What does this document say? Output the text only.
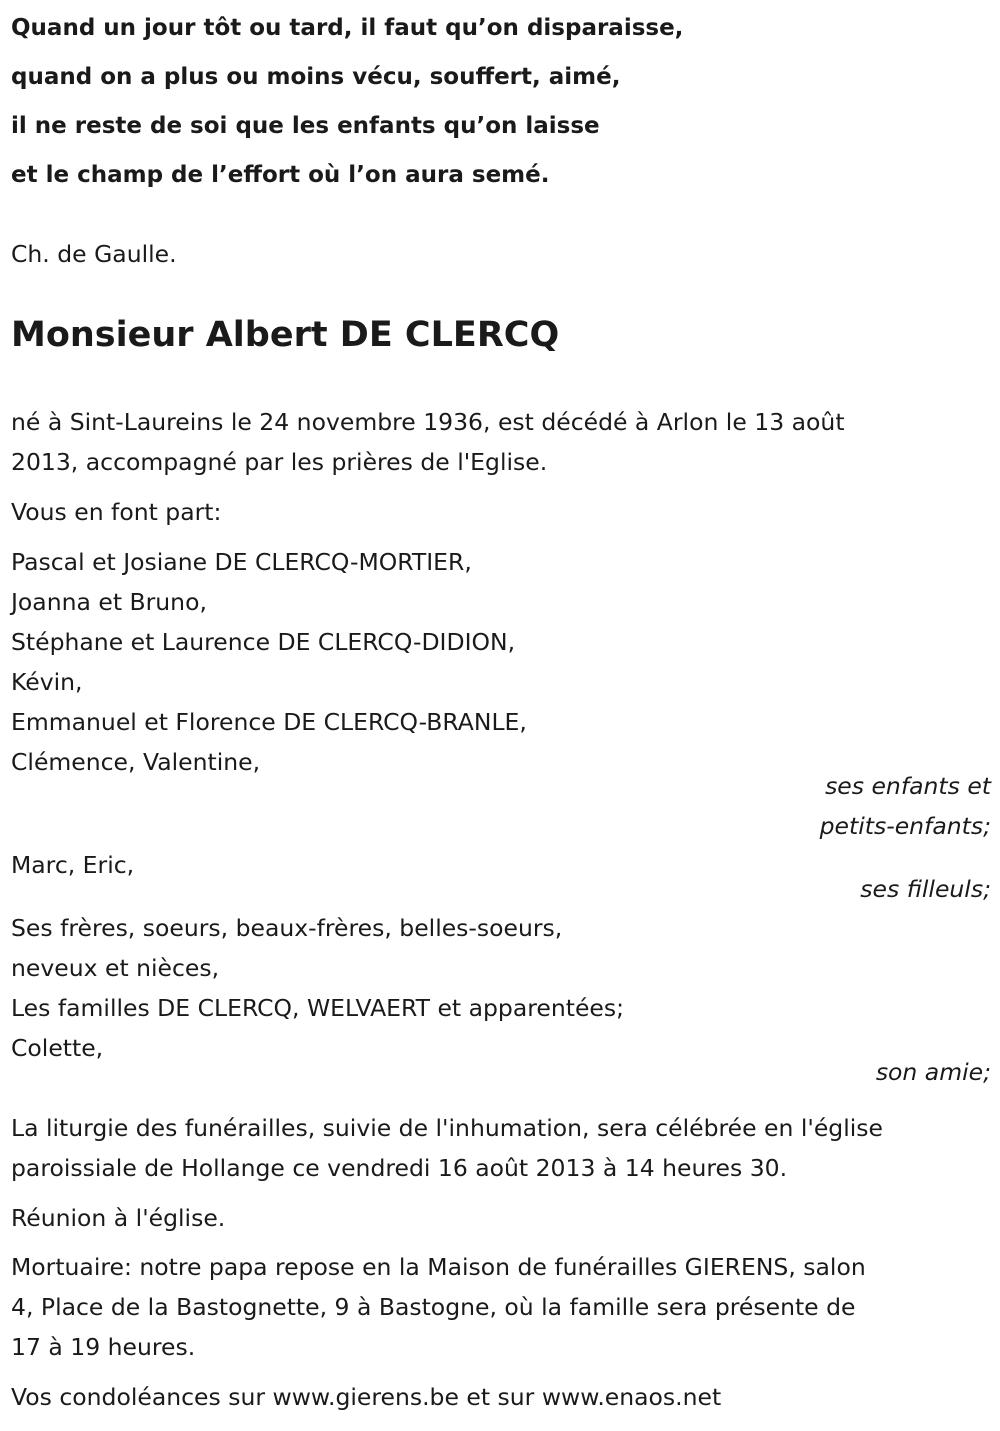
Quand un jour tôt ou tard, il faut qu’on disparaisse,
quand on a plus ou moins vécu, souffert, aimé,
il ne reste de soi que les enfants qu’on laisse
et le champ de l’effort où l’on aura semé.
Ch. de Gaulle.
Monsieur Albert DE CLERCQ
né à Sint-Laureins le 24 novembre 1936, est décédé à Arlon le 13 août
2013, accompagné par les prières de l'Eglise.
Vous en font part:
Pascal et Josiane DE CLERCQ-MORTIER,
Joanna et Bruno,
Stéphane et Laurence DE CLERCQ-DIDION,
Kévin,
Emmanuel et Florence DE CLERCQ-BRANLE,
Clémence, Valentine,
ses enfants et
petits-enfants;
Marc, Eric,
ses filleuls;
Ses frères, soeurs, beaux-frères, belles-soeurs,
neveux et nièces,
Les familles DE CLERCQ, WELVAERT et apparentées;
Colette,
son amie;
La liturgie des funérailles, suivie de l'inhumation, sera célébrée en l'église
paroissiale de Hollange ce vendredi 16 août 2013 à 14 heures 30.
Réunion à l'église.
Mortuaire: notre papa repose en la Maison de funérailles GIERENS, salon
4, Place de la Bastognette, 9 à Bastogne, où la famille sera présente de
17 à 19 heures.
Vos condoléances sur www.gierens.be et sur www.enaos.net
